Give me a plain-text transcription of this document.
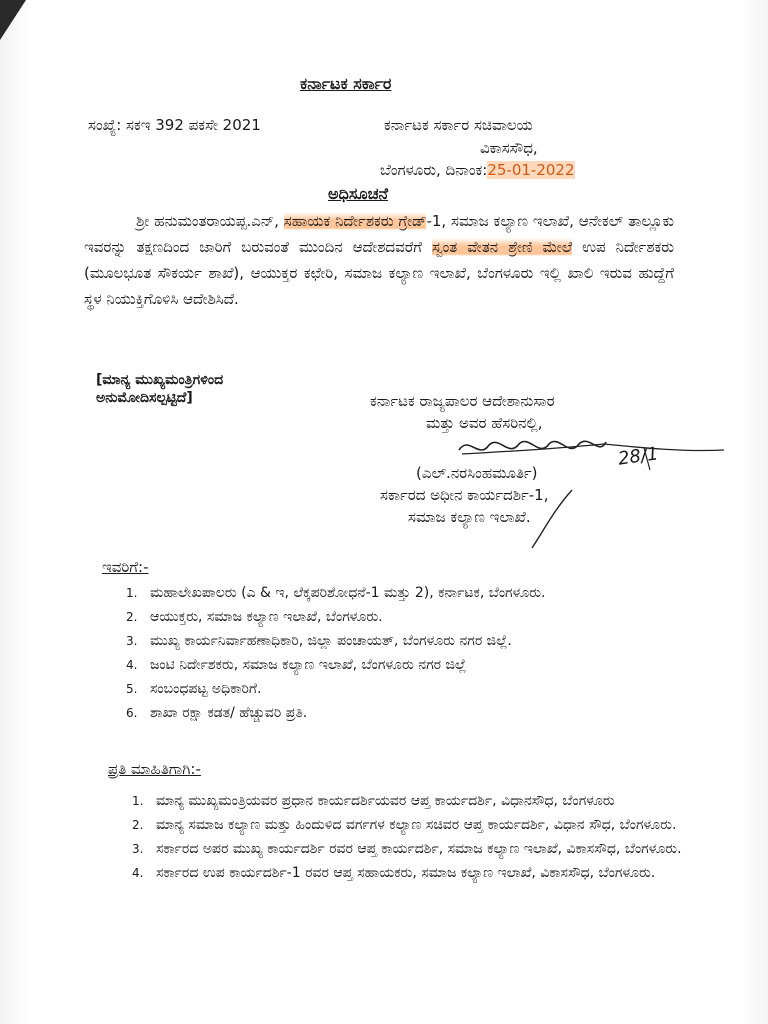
ಕರ್ನಾಟಕ ಸರ್ಕಾರ
ಸಂಖ್ಯೆ: ಸಕಇ 392 ಪಕಸೇ 2021	ಕರ್ನಾಟಕ ಸರ್ಕಾರ ಸಚಿವಾಲಯ
ವಿಕಾಸಸೌಧ,
ಬೆಂಗಳೂರು, ದಿನಾಂಕ:25-01-2022
ಅಧಿಸೂಚನೆ
ಶ್ರೀ ಹನುಮಂತರಾಯಪ್ಪ.ಎನ್, ಸಹಾಯಕ ನಿರ್ದೇಶಕರು ಗ್ರೇಡ್-1, ಸಮಾಜ ಕಲ್ಯಾಣ ಇಲಾಖೆ, ಆನೇಕಲ್ ತಾಲ್ಲೂಕು ಇವರನ್ನು ತಕ್ಷಣದಿಂದ ಜಾರಿಗೆ ಬರುವಂತೆ ಮುಂದಿನ ಆದೇಶದವರೆಗೆ ಸ್ವಂತ ವೇತನ ಶ್ರೇಣಿ ಮೇಲೆ ಉಪ ನಿರ್ದೇಶಕರು (ಮೂಲಭೂತ ಸೌಕರ್ಯ ಶಾಖೆ), ಆಯುಕ್ತರ ಕಛೇರಿ, ಸಮಾಜ ಕಲ್ಯಾಣ ಇಲಾಖೆ, ಬೆಂಗಳೂರು ಇಲ್ಲಿ ಖಾಲಿ ಇರುವ ಹುದ್ದೆಗೆ ಸ್ಥಳ ನಿಯುಕ್ತಿಗೊಳಿಸಿ ಆದೇಶಿಸಿದೆ.
[ಮಾನ್ಯ ಮುಖ್ಯಮಂತ್ರಿಗಳಿಂದ
ಅನುಮೋದಿಸಲ್ಪಟ್ಟಿದೆ]	ಕರ್ನಾಟಕ ರಾಜ್ಯಪಾಲರ ಆದೇಶಾನುಸಾರ
ಮತ್ತು ಅವರ ಹೆಸರಿನಲ್ಲಿ,
28/1
(ಎಲ್.ನರಸಿಂಹಮೂರ್ತಿ)
ಸರ್ಕಾರದ ಅಧೀನ ಕಾರ್ಯದರ್ಶಿ-1,
ಸಮಾಜ ಕಲ್ಯಾಣ ಇಲಾಖೆ.
ಇವರಿಗೆ:-
1. ಮಹಾಲೇಖಪಾಲರು (ಎ & ಇ, ಲೆಕ್ಕಪರಿಶೋಧನೆ-1 ಮತ್ತು 2), ಕರ್ನಾಟಕ, ಬೆಂಗಳೂರು.
2. ಆಯುಕ್ತರು, ಸಮಾಜ ಕಲ್ಯಾಣ ಇಲಾಖೆ, ಬೆಂಗಳೂರು.
3. ಮುಖ್ಯ ಕಾರ್ಯನಿರ್ವಾಹಣಾಧಿಕಾರಿ, ಜಿಲ್ಲಾ ಪಂಚಾಯತ್, ಬೆಂಗಳೂರು ನಗರ ಜಿಲ್ಲೆ.
4. ಜಂಟಿ ನಿರ್ದೇಶಕರು, ಸಮಾಜ ಕಲ್ಯಾಣ ಇಲಾಖೆ, ಬೆಂಗಳೂರು ನಗರ ಜಿಲ್ಲೆ
5. ಸಂಬಂಧಪಟ್ಟ ಅಧಿಕಾರಿಗೆ.
6. ಶಾಖಾ ರಕ್ಷಾ ಕಡತ/ ಹೆಚ್ಚುವರಿ ಪ್ರತಿ.
ಪ್ರತಿ ಮಾಹಿತಿಗಾಗಿ:-
1. ಮಾನ್ಯ ಮುಖ್ಯಮಂತ್ರಿಯವರ ಪ್ರಧಾನ ಕಾರ್ಯದರ್ಶಿಯವರ ಆಪ್ತ ಕಾರ್ಯದರ್ಶಿ, ವಿಧಾನಸೌಧ, ಬೆಂಗಳೂರು
2. ಮಾನ್ಯ ಸಮಾಜ ಕಲ್ಯಾಣ ಮತ್ತು ಹಿಂದುಳಿದ ವರ್ಗಗಳ ಕಲ್ಯಾಣ ಸಚಿವರ ಆಪ್ತ ಕಾರ್ಯದರ್ಶಿ, ವಿಧಾನ ಸೌಧ, ಬೆಂಗಳೂರು.
3. ಸರ್ಕಾರದ ಅಪರ ಮುಖ್ಯ ಕಾರ್ಯದರ್ಶಿ ರವರ ಆಪ್ತ ಕಾರ್ಯದರ್ಶಿ, ಸಮಾಜ ಕಲ್ಯಾಣ ಇಲಾಖೆ, ವಿಕಾಸಸೌಧ, ಬೆಂಗಳೂರು.
4. ಸರ್ಕಾರದ ಉಪ ಕಾರ್ಯದರ್ಶಿ-1 ರವರ ಆಪ್ತ ಸಹಾಯಕರು, ಸಮಾಜ ಕಲ್ಯಾಣ ಇಲಾಖೆ, ವಿಕಾಸಸೌಧ, ಬೆಂಗಳೂರು.
